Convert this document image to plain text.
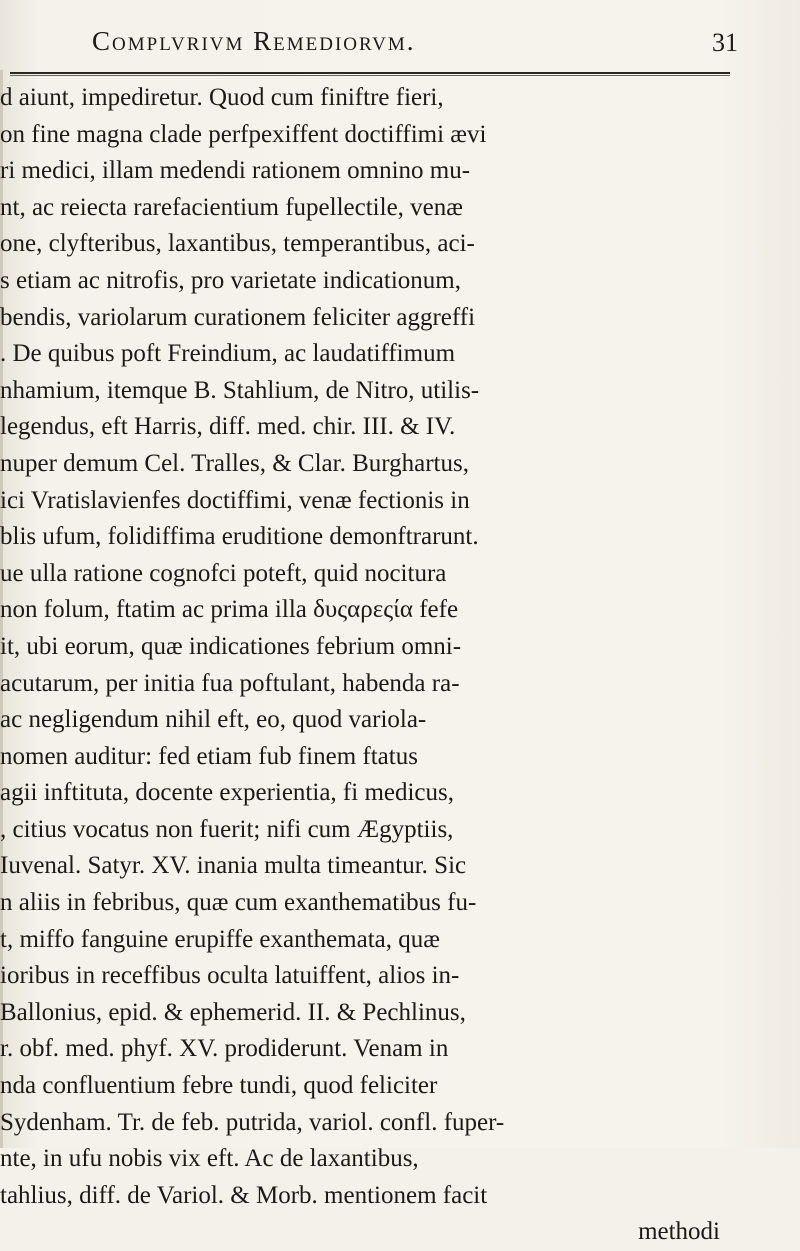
Complvrivm Remediorvm.	31
d aiunt, impediretur. Quod cum finiftre fieri,
on fine magna clade perfpexiffent doctiffimi ævi
ri medici, illam medendi rationem omnino mu-
nt, ac reiecta rarefacientium fupellectile, venæ
one, clyfteribus, laxantibus, temperantibus, aci-
s etiam ac nitrofis, pro varietate indicationum,
bendis, variolarum curationem feliciter aggreffi
. De quibus poft Freindium, ac laudatiffimum
nhamium, itemque B. Stahlium, de Nitro, utilis-
legendus, eft Harris, diff. med. chir. III. & IV.
nuper demum Cel. Tralles, & Clar. Burghartus,
ici Vratislavienfes doctiffimi, venæ fectionis in
blis ufum, folidiffima eruditione demonftrarunt.
ue ulla ratione cognofci poteft, quid nocitura
non folum, ftatim ac prima illa δυςαρεςία fefe
it, ubi eorum, quæ indicationes febrium omni-
acutarum, per initia fua poftulant, habenda ra-
ac negligendum nihil eft, eo, quod variola-
nomen auditur: fed etiam fub finem ftatus
agii inftituta, docente experientia, fi medicus,
, citius vocatus non fuerit; nifi cum Ægyptiis,
Iuvenal. Satyr. XV. inania multa timeantur. Sic
n aliis in febribus, quæ cum exanthematibus fu-
t, miffo fanguine erupiffe exanthemata, quæ
ioribus in receffibus oculta latuiffent, alios in-
Ballonius, epid. & ephemerid. II. & Pechlinus,
r. obf. med. phyf. XV. prodiderunt. Venam in
nda confluentium febre tundi, quod feliciter
Sydenham. Tr. de feb. putrida, variol. confl. fuper-
nte, in ufu nobis vix eft. Ac de laxantibus,
tahlius, diff. de Variol. & Morb. mentionem facit
methodi
